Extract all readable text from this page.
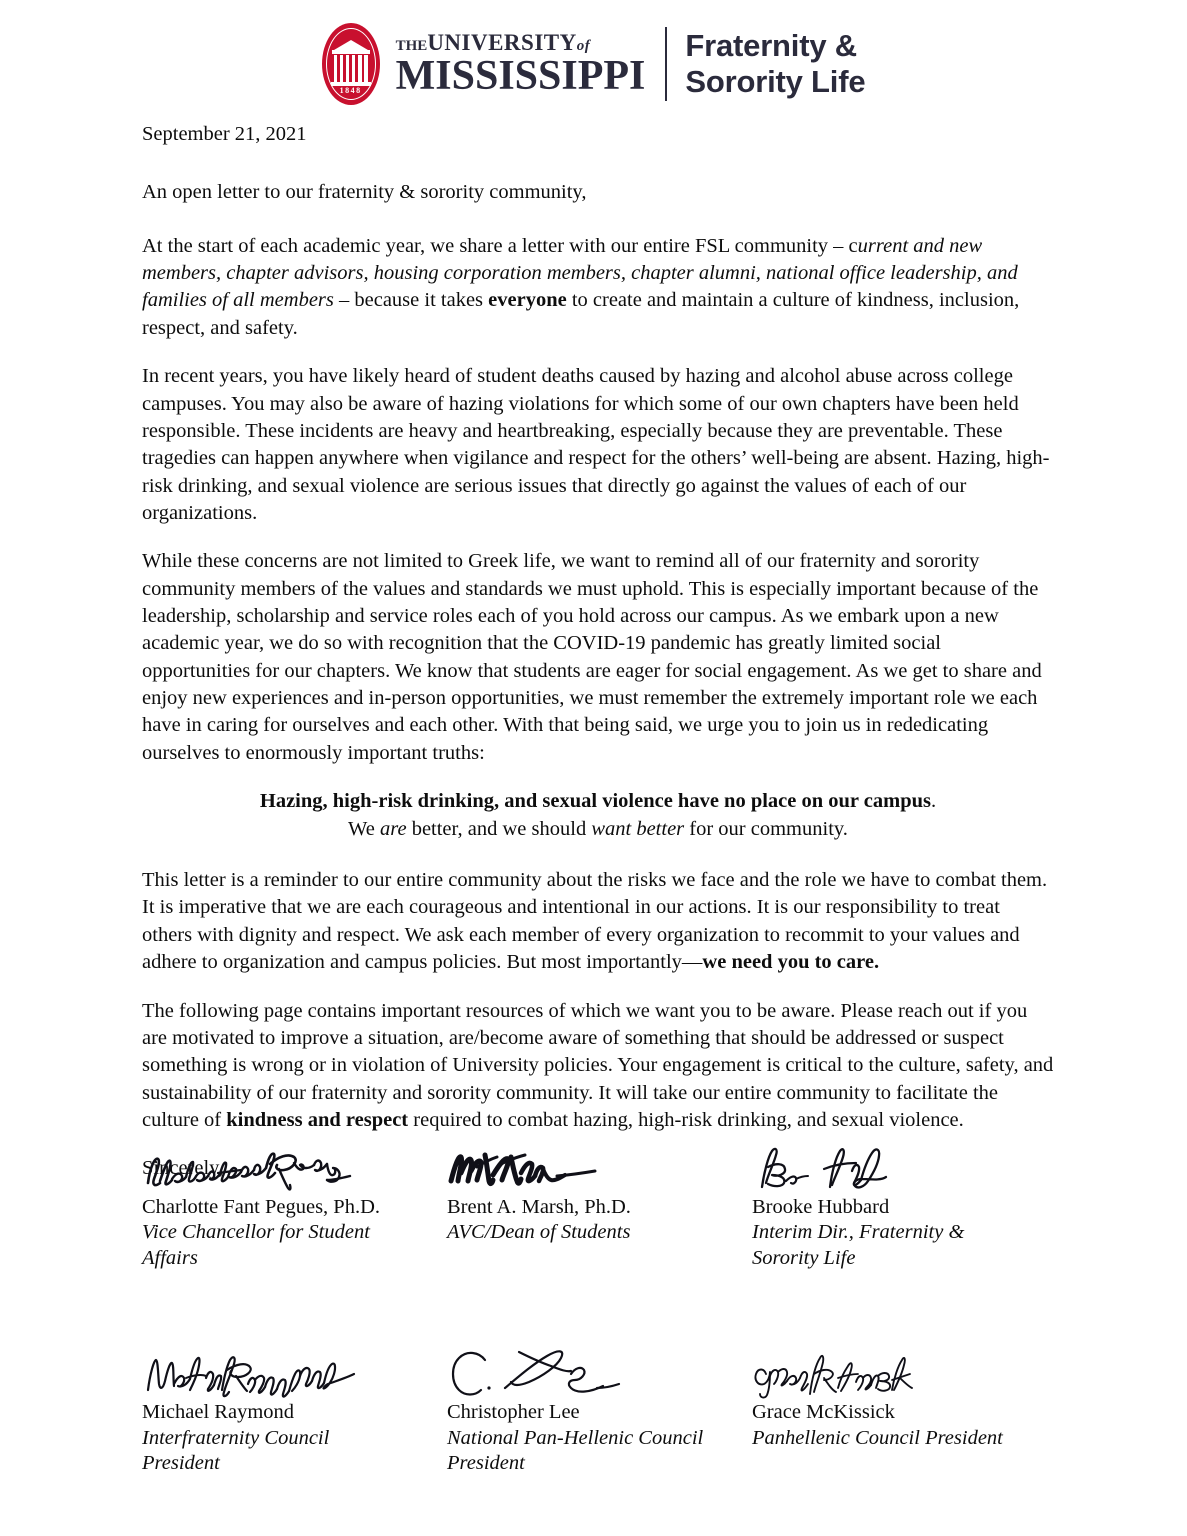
1848
THEUNIVERSITYof
MISSISSIPPI
Fraternity &
Sorority Life

September 21, 2021

An open letter to our fraternity & sorority community,

At the start of each academic year, we share a letter with our entire FSL community – current and new members, chapter advisors, housing corporation members, chapter alumni, national office leadership, and families of all members – because it takes everyone to create and maintain a culture of kindness, inclusion, respect, and safety.

In recent years, you have likely heard of student deaths caused by hazing and alcohol abuse across college campuses. You may also be aware of hazing violations for which some of our own chapters have been held responsible. These incidents are heavy and heartbreaking, especially because they are preventable. These tragedies can happen anywhere when vigilance and respect for the others’ well-being are absent. Hazing, high-risk drinking, and sexual violence are serious issues that directly go against the values of each of our organizations.

While these concerns are not limited to Greek life, we want to remind all of our fraternity and sorority community members of the values and standards we must uphold. This is especially important because of the leadership, scholarship and service roles each of you hold across our campus. As we embark upon a new academic year, we do so with recognition that the COVID-19 pandemic has greatly limited social opportunities for our chapters. We know that students are eager for social engagement. As we get to share and enjoy new experiences and in-person opportunities, we must remember the extremely important role we each have in caring for ourselves and each other. With that being said, we urge you to join us in rededicating ourselves to enormously important truths:

Hazing, high-risk drinking, and sexual violence have no place on our campus.
We are better, and we should want better for our community.

This letter is a reminder to our entire community about the risks we face and the role we have to combat them. It is imperative that we are each courageous and intentional in our actions. It is our responsibility to treat others with dignity and respect. We ask each member of every organization to recommit to your values and adhere to organization and campus policies. But most importantly—we need you to care.

The following page contains important resources of which we want you to be aware. Please reach out if you are motivated to improve a situation, are/become aware of something that should be addressed or suspect something is wrong or in violation of University policies. Your engagement is critical to the culture, safety, and sustainability of our fraternity and sorority community. It will take our entire community to facilitate the culture of kindness and respect required to combat hazing, high-risk drinking, and sexual violence.

Sincerely,

Charlotte Fant Pegues, Ph.D.
Vice Chancellor for Student
Affairs
Brent A. Marsh, Ph.D.
AVC/Dean of Students
Brooke Hubbard
Interim Dir., Fraternity &
Sorority Life
Michael Raymond
Interfraternity Council
President
Christopher Lee
National Pan-Hellenic Council
President
Grace McKissick
Panhellenic Council President
